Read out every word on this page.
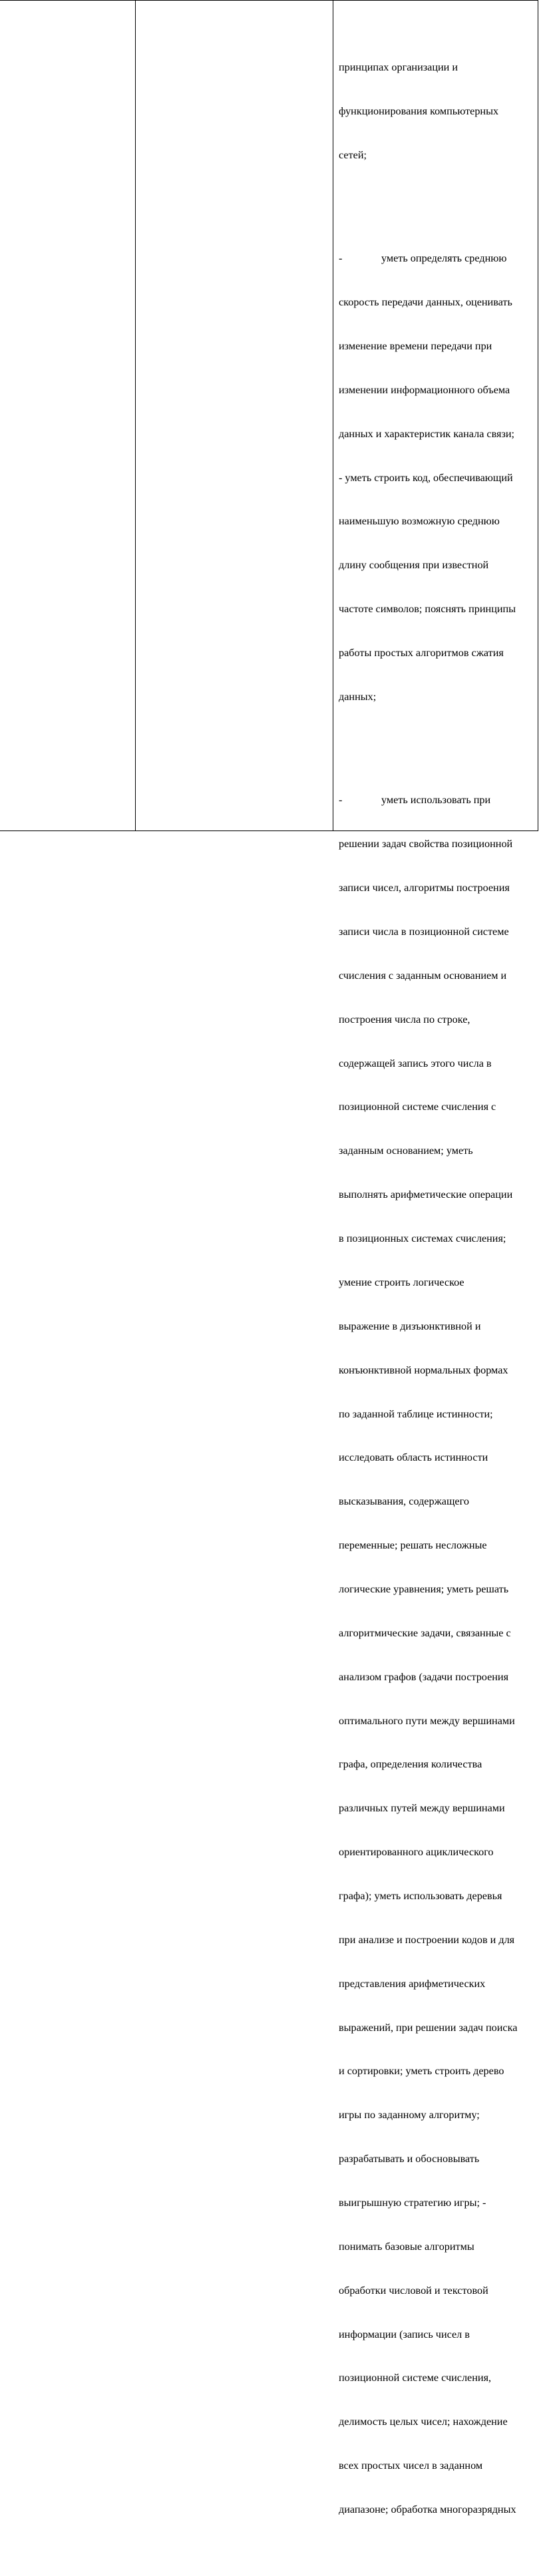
принципах организации и

функционирования компьютерных

сетей;

-	уметь определять среднюю

скорость передачи данных, оценивать

изменение времени передачи при

изменении информационного объема

данных и характеристик канала связи;

- уметь строить код, обеспечивающий

наименьшую возможную среднюю

длину сообщения при известной

частоте символов; пояснять принципы

работы простых алгоритмов сжатия

данных;

-	уметь использовать при

решении задач свойства позиционной

записи чисел, алгоритмы построения

записи числа в позиционной системе

счисления с заданным основанием и

построения числа по строке,

содержащей запись этого числа в

позиционной системе счисления с

заданным основанием; уметь

выполнять арифметические операции

в позиционных системах счисления;

умение строить логическое

выражение в дизъюнктивной и

конъюнктивной нормальных формах

по заданной таблице истинности;

исследовать область истинности

высказывания, содержащего

переменные; решать несложные

логические уравнения; уметь решать

алгоритмические задачи, связанные с

анализом графов (задачи построения

оптимального пути между вершинами

графа, определения количества

различных путей между вершинами

ориентированного ациклического

графа); уметь использовать деревья

при анализе и построении кодов и для

представления арифметических

выражений, при решении задач поиска

и сортировки; уметь строить дерево

игры по заданному алгоритму;

разрабатывать и обосновывать

выигрышную стратегию игры; -

понимать базовые алгоритмы

обработки числовой и текстовой

информации (запись чисел в

позиционной системе счисления,

делимость целых чисел; нахождение

всех простых чисел в заданном

диапазоне; обработка многоразрядных
